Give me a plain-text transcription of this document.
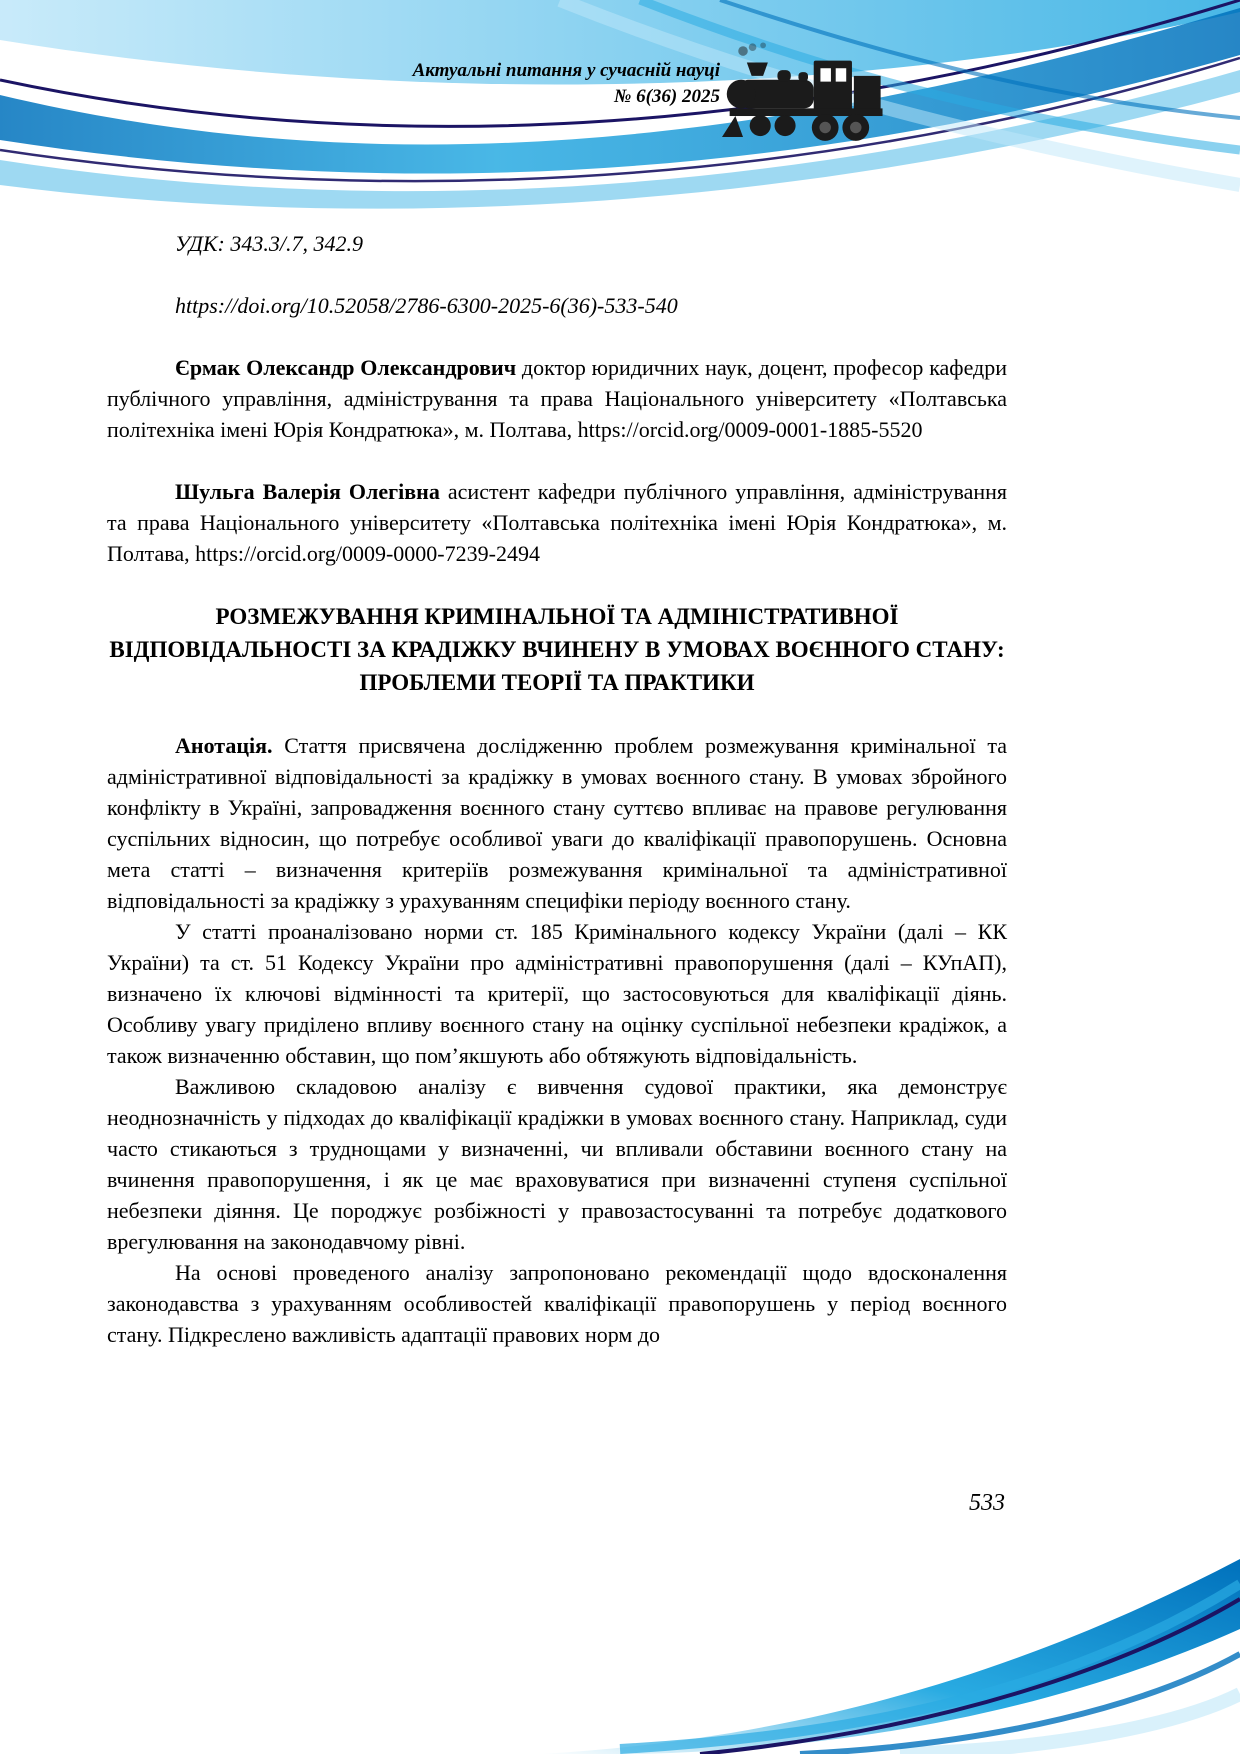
Актуальні питання у сучасній науці
№ 6(36) 2025

УДК: 343.3/.7, 342.9

https://doi.org/10.52058/2786-6300-2025-6(36)-533-540

Єрмак Олександр Олександрович доктор юридичних наук, доцент, професор кафедри публічного управління, адміністрування та права Національного університету «Полтавська політехніка імені Юрія Кондратюка», м. Полтава, https://orcid.org/0009-0001-1885-5520

Шульга Валерія Олегівна асистент кафедри публічного управління, адміністрування та права Національного університету «Полтавська політехніка імені Юрія Кондратюка», м. Полтава, https://orcid.org/0009-0000-7239-2494

РОЗМЕЖУВАННЯ КРИМІНАЛЬНОЇ ТА АДМІНІСТРАТИВНОЇ ВІДПОВІДАЛЬНОСТІ ЗА КРАДІЖКУ ВЧИНЕНУ В УМОВАХ ВОЄННОГО СТАНУ: ПРОБЛЕМИ ТЕОРІЇ ТА ПРАКТИКИ

Анотація. Стаття присвячена дослідженню проблем розмежування кримінальної та адміністративної відповідальності за крадіжку в умовах воєнного стану. В умовах збройного конфлікту в Україні, запровадження воєнного стану суттєво впливає на правове регулювання суспільних відносин, що потребує особливої уваги до кваліфікації правопорушень. Основна мета статті – визначення критеріїв розмежування кримінальної та адміністративної відповідальності за крадіжку з урахуванням специфіки періоду воєнного стану.

У статті проаналізовано норми ст. 185 Кримінального кодексу України (далі – КК України) та ст. 51 Кодексу України про адміністративні правопорушення (далі – КУпАП), визначено їх ключові відмінності та критерії, що застосовуються для кваліфікації діянь. Особливу увагу приділено впливу воєнного стану на оцінку суспільної небезпеки крадіжок, а також визначенню обставин, що пом’якшують або обтяжують відповідальність.

Важливою складовою аналізу є вивчення судової практики, яка демонструє неоднозначність у підходах до кваліфікації крадіжки в умовах воєнного стану. Наприклад, суди часто стикаються з труднощами у визначенні, чи впливали обставини воєнного стану на вчинення правопорушення, і як це має враховуватися при визначенні ступеня суспільної небезпеки діяння. Це породжує розбіжності у правозастосуванні та потребує додаткового врегулювання на законодавчому рівні.

На основі проведеного аналізу запропоновано рекомендації щодо вдосконалення законодавства з урахуванням особливостей кваліфікації правопорушень у період воєнного стану. Підкреслено важливість адаптації правових норм до

533
